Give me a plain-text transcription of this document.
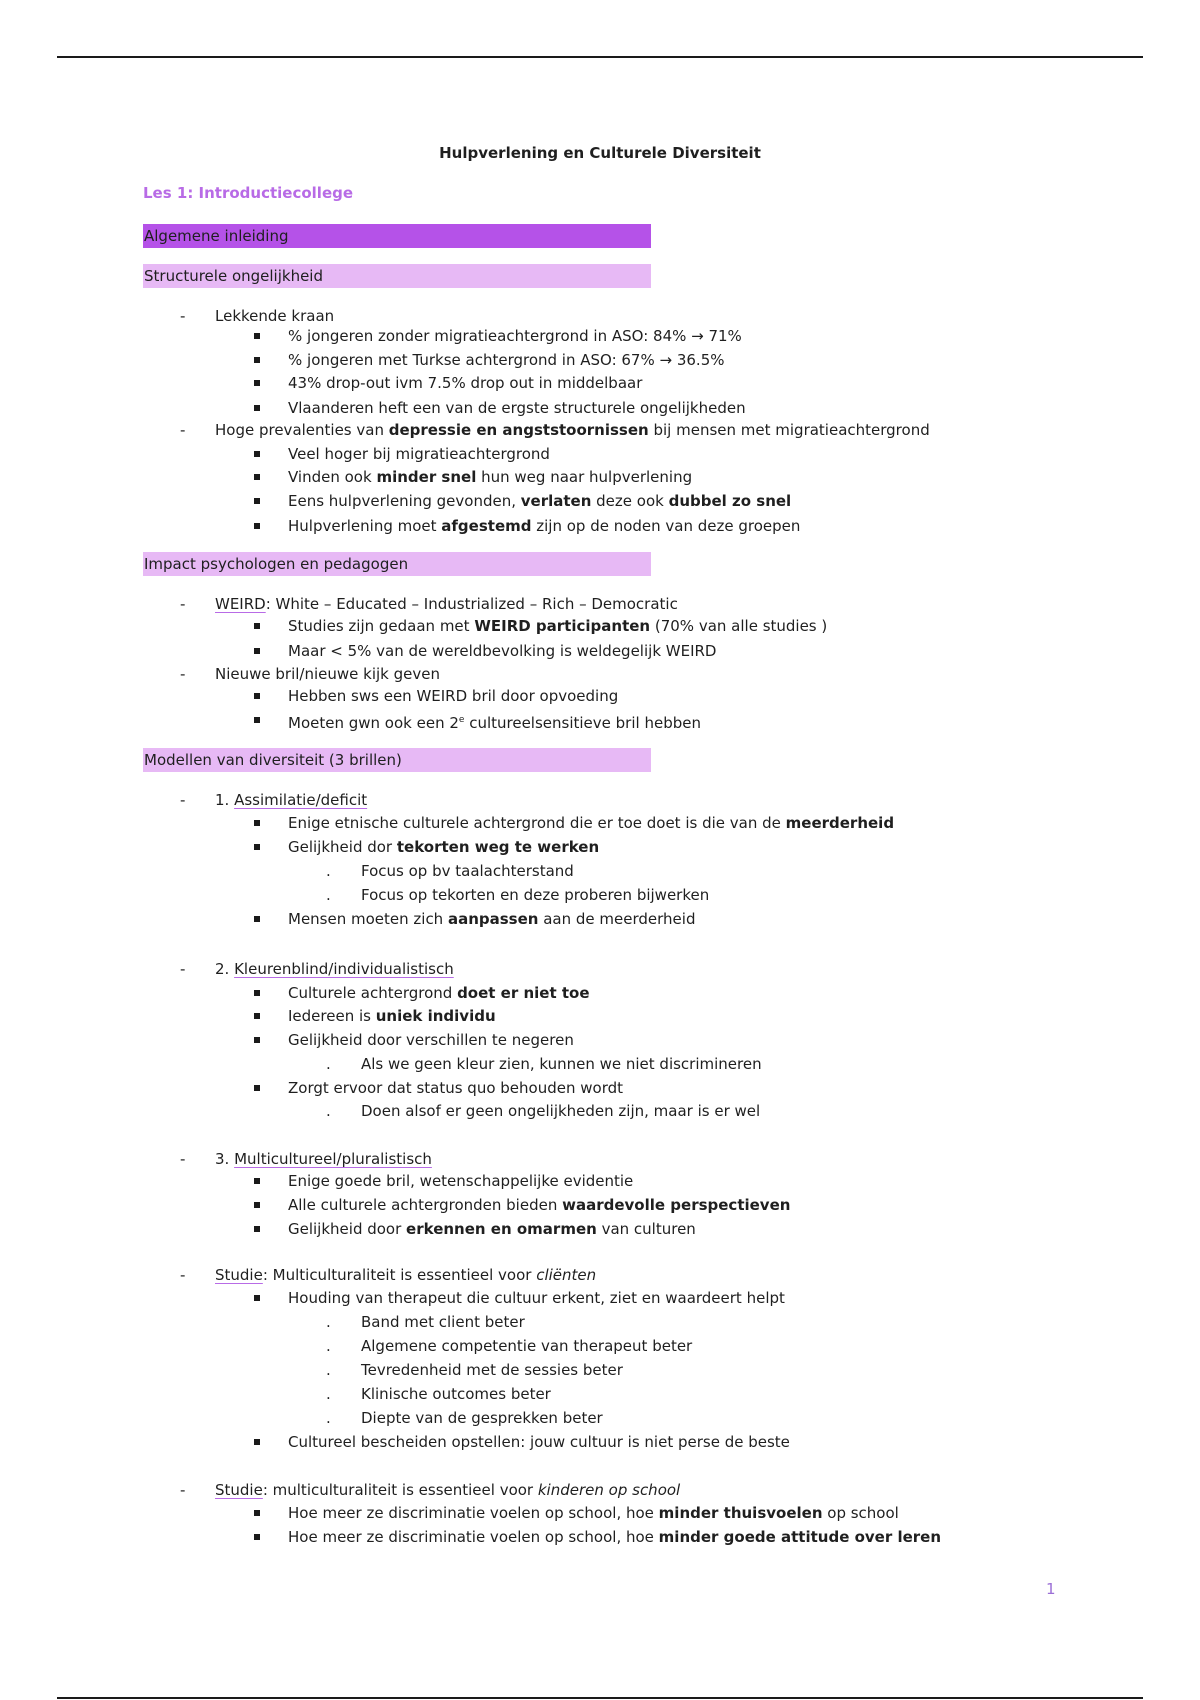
Hulpverlening en Culturele Diversiteit
Les 1: Introductiecollege
Algemene inleiding
Structurele ongelijkheid
- Lekkende kraan
% jongeren zonder migratieachtergrond in ASO: 84% → 71%
% jongeren met Turkse achtergrond in ASO: 67% → 36.5%
43% drop-out ivm 7.5% drop out in middelbaar
Vlaanderen heft een van de ergste structurele ongelijkheden
- Hoge prevalenties van depressie en angststoornissen bij mensen met migratieachtergrond
Veel hoger bij migratieachtergrond
Vinden ook minder snel hun weg naar hulpverlening
Eens hulpverlening gevonden, verlaten deze ook dubbel zo snel
Hulpverlening moet afgestemd zijn op de noden van deze groepen
Impact psychologen en pedagogen
- WEIRD: White – Educated – Industrialized – Rich – Democratic
Studies zijn gedaan met WEIRD participanten (70% van alle studies )
Maar < 5% van de wereldbevolking is weldegelijk WEIRD
- Nieuwe bril/nieuwe kijk geven
Hebben sws een WEIRD bril door opvoeding
Moeten gwn ook een 2e cultureelsensitieve bril hebben
Modellen van diversiteit (3 brillen)
- 1. Assimilatie/deficit
Enige etnische culturele achtergrond die er toe doet is die van de meerderheid
Gelijkheid dor tekorten weg te werken
. Focus op bv taalachterstand
. Focus op tekorten en deze proberen bijwerken
Mensen moeten zich aanpassen aan de meerderheid
- 2. Kleurenblind/individualistisch
Culturele achtergrond doet er niet toe
Iedereen is uniek individu
Gelijkheid door verschillen te negeren
. Als we geen kleur zien, kunnen we niet discrimineren
Zorgt ervoor dat status quo behouden wordt
. Doen alsof er geen ongelijkheden zijn, maar is er wel
- 3. Multicultureel/pluralistisch
Enige goede bril, wetenschappelijke evidentie
Alle culturele achtergronden bieden waardevolle perspectieven
Gelijkheid door erkennen en omarmen van culturen
- Studie: Multiculturaliteit is essentieel voor cliënten
Houding van therapeut die cultuur erkent, ziet en waardeert helpt
. Band met client beter
. Algemene competentie van therapeut beter
. Tevredenheid met de sessies beter
. Klinische outcomes beter
. Diepte van de gesprekken beter
Cultureel bescheiden opstellen: jouw cultuur is niet perse de beste
- Studie: multiculturaliteit is essentieel voor kinderen op school
Hoe meer ze discriminatie voelen op school, hoe minder thuisvoelen op school
Hoe meer ze discriminatie voelen op school, hoe minder goede attitude over leren
1
